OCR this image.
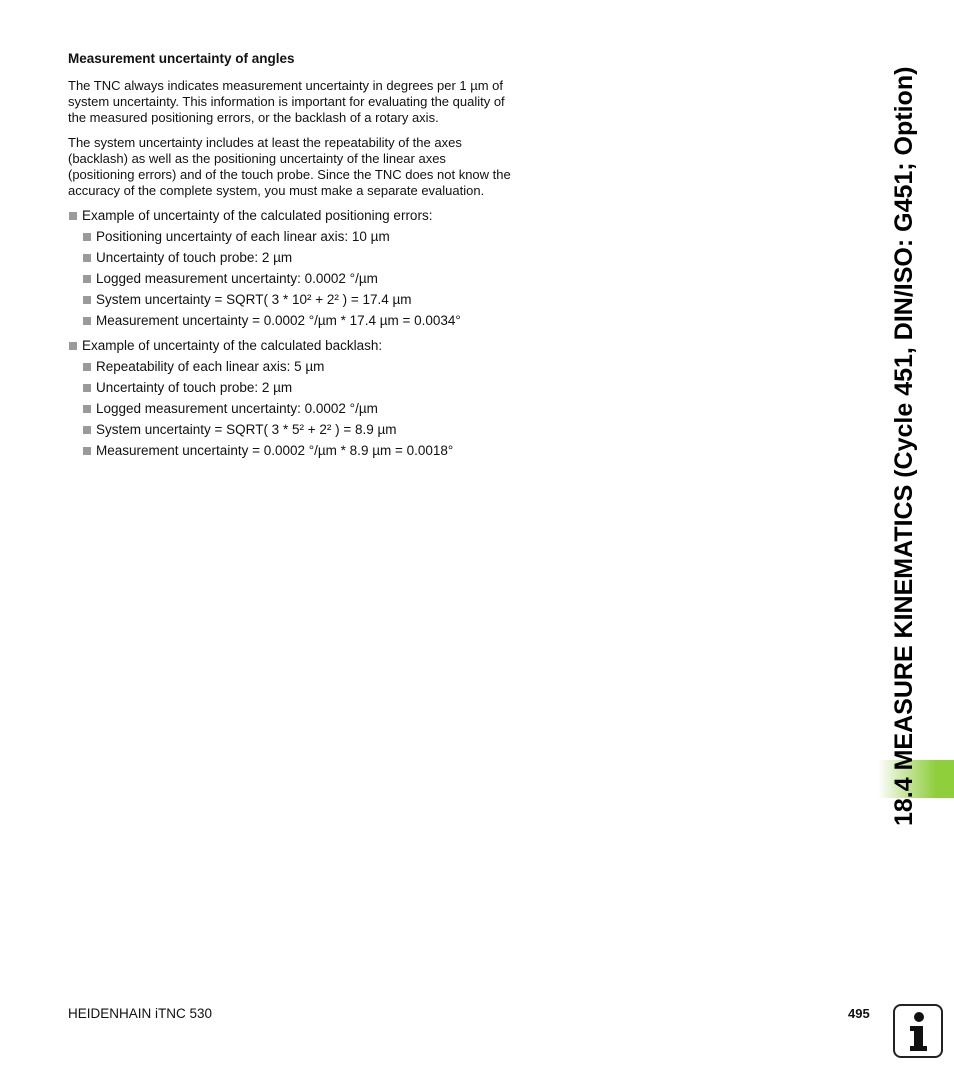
Measurement uncertainty of angles

The TNC always indicates measurement uncertainty in degrees per 1 µm of system uncertainty. This information is important for evaluating the quality of the measured positioning errors, or the backlash of a rotary axis.

The system uncertainty includes at least the repeatability of the axes (backlash) as well as the positioning uncertainty of the linear axes (positioning errors) and of the touch probe. Since the TNC does not know the accuracy of the complete system, you must make a separate evaluation.

Example of uncertainty of the calculated positioning errors:
Positioning uncertainty of each linear axis: 10 µm
Uncertainty of touch probe: 2 µm
Logged measurement uncertainty: 0.0002 °/µm
System uncertainty = SQRT( 3 * 10² + 2² ) = 17.4 µm
Measurement uncertainty = 0.0002 °/µm * 17.4 µm = 0.0034°
Example of uncertainty of the calculated backlash:
Repeatability of each linear axis: 5 µm
Uncertainty of touch probe: 2 µm
Logged measurement uncertainty: 0.0002 °/µm
System uncertainty = SQRT( 3 * 5² + 2² ) = 8.9 µm
Measurement uncertainty = 0.0002 °/µm * 8.9 µm = 0.0018°	18.4 MEASURE KINEMATICS (Cycle 451, DIN/ISO: G451; Option)
HEIDENHAIN iTNC 530	495
